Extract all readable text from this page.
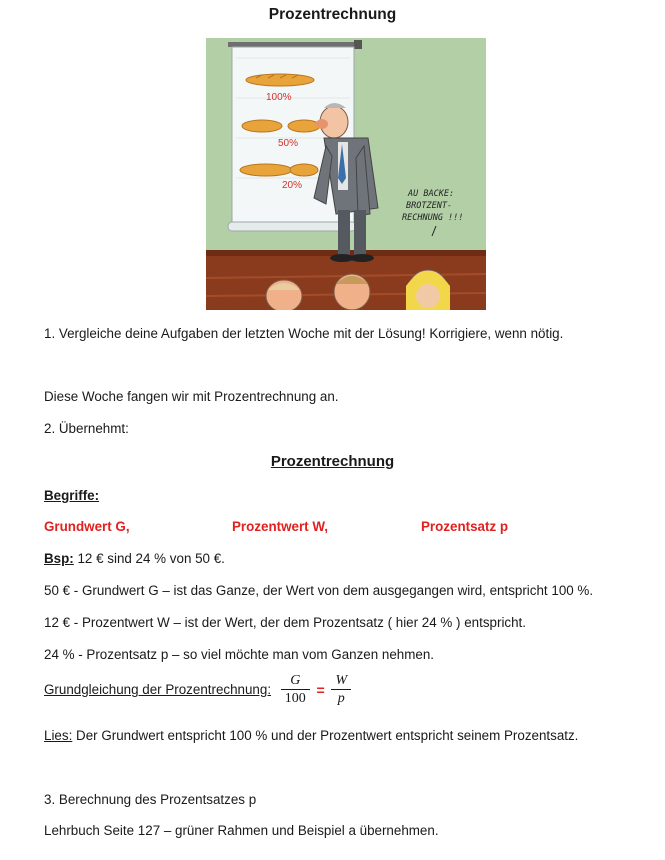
Prozentrechnung
100%
50%
20%
AU BACKE:
BROTZENT-
RECHNUNG !!!
1. Vergleiche deine Aufgaben der letzten Woche mit der Lösung! Korrigiere, wenn nötig.
Diese Woche fangen wir mit Prozentrechnung an.
2. Übernehmt:
Prozentrechnung
Begriffe:
Grundwert G,	Prozentwert W,	Prozentsatz p
Bsp: 12 € sind 24 % von 50 €.
50 € - Grundwert G – ist das Ganze, der Wert von dem ausgegangen wird, entspricht 100 %.
12 € - Prozentwert W – ist der Wert, der dem Prozentsatz ( hier 24 % ) entspricht.
24 % - Prozentsatz p – so viel möchte man vom Ganzen nehmen.
Grundgleichung der Prozentrechnung: $\frac{G}{100} = \frac{W}{p}$
Lies: Der Grundwert entspricht 100 % und der Prozentwert entspricht seinem Prozentsatz.
3. Berechnung des Prozentsatzes p
Lehrbuch Seite 127 – grüner Rahmen und Beispiel a übernehmen.
